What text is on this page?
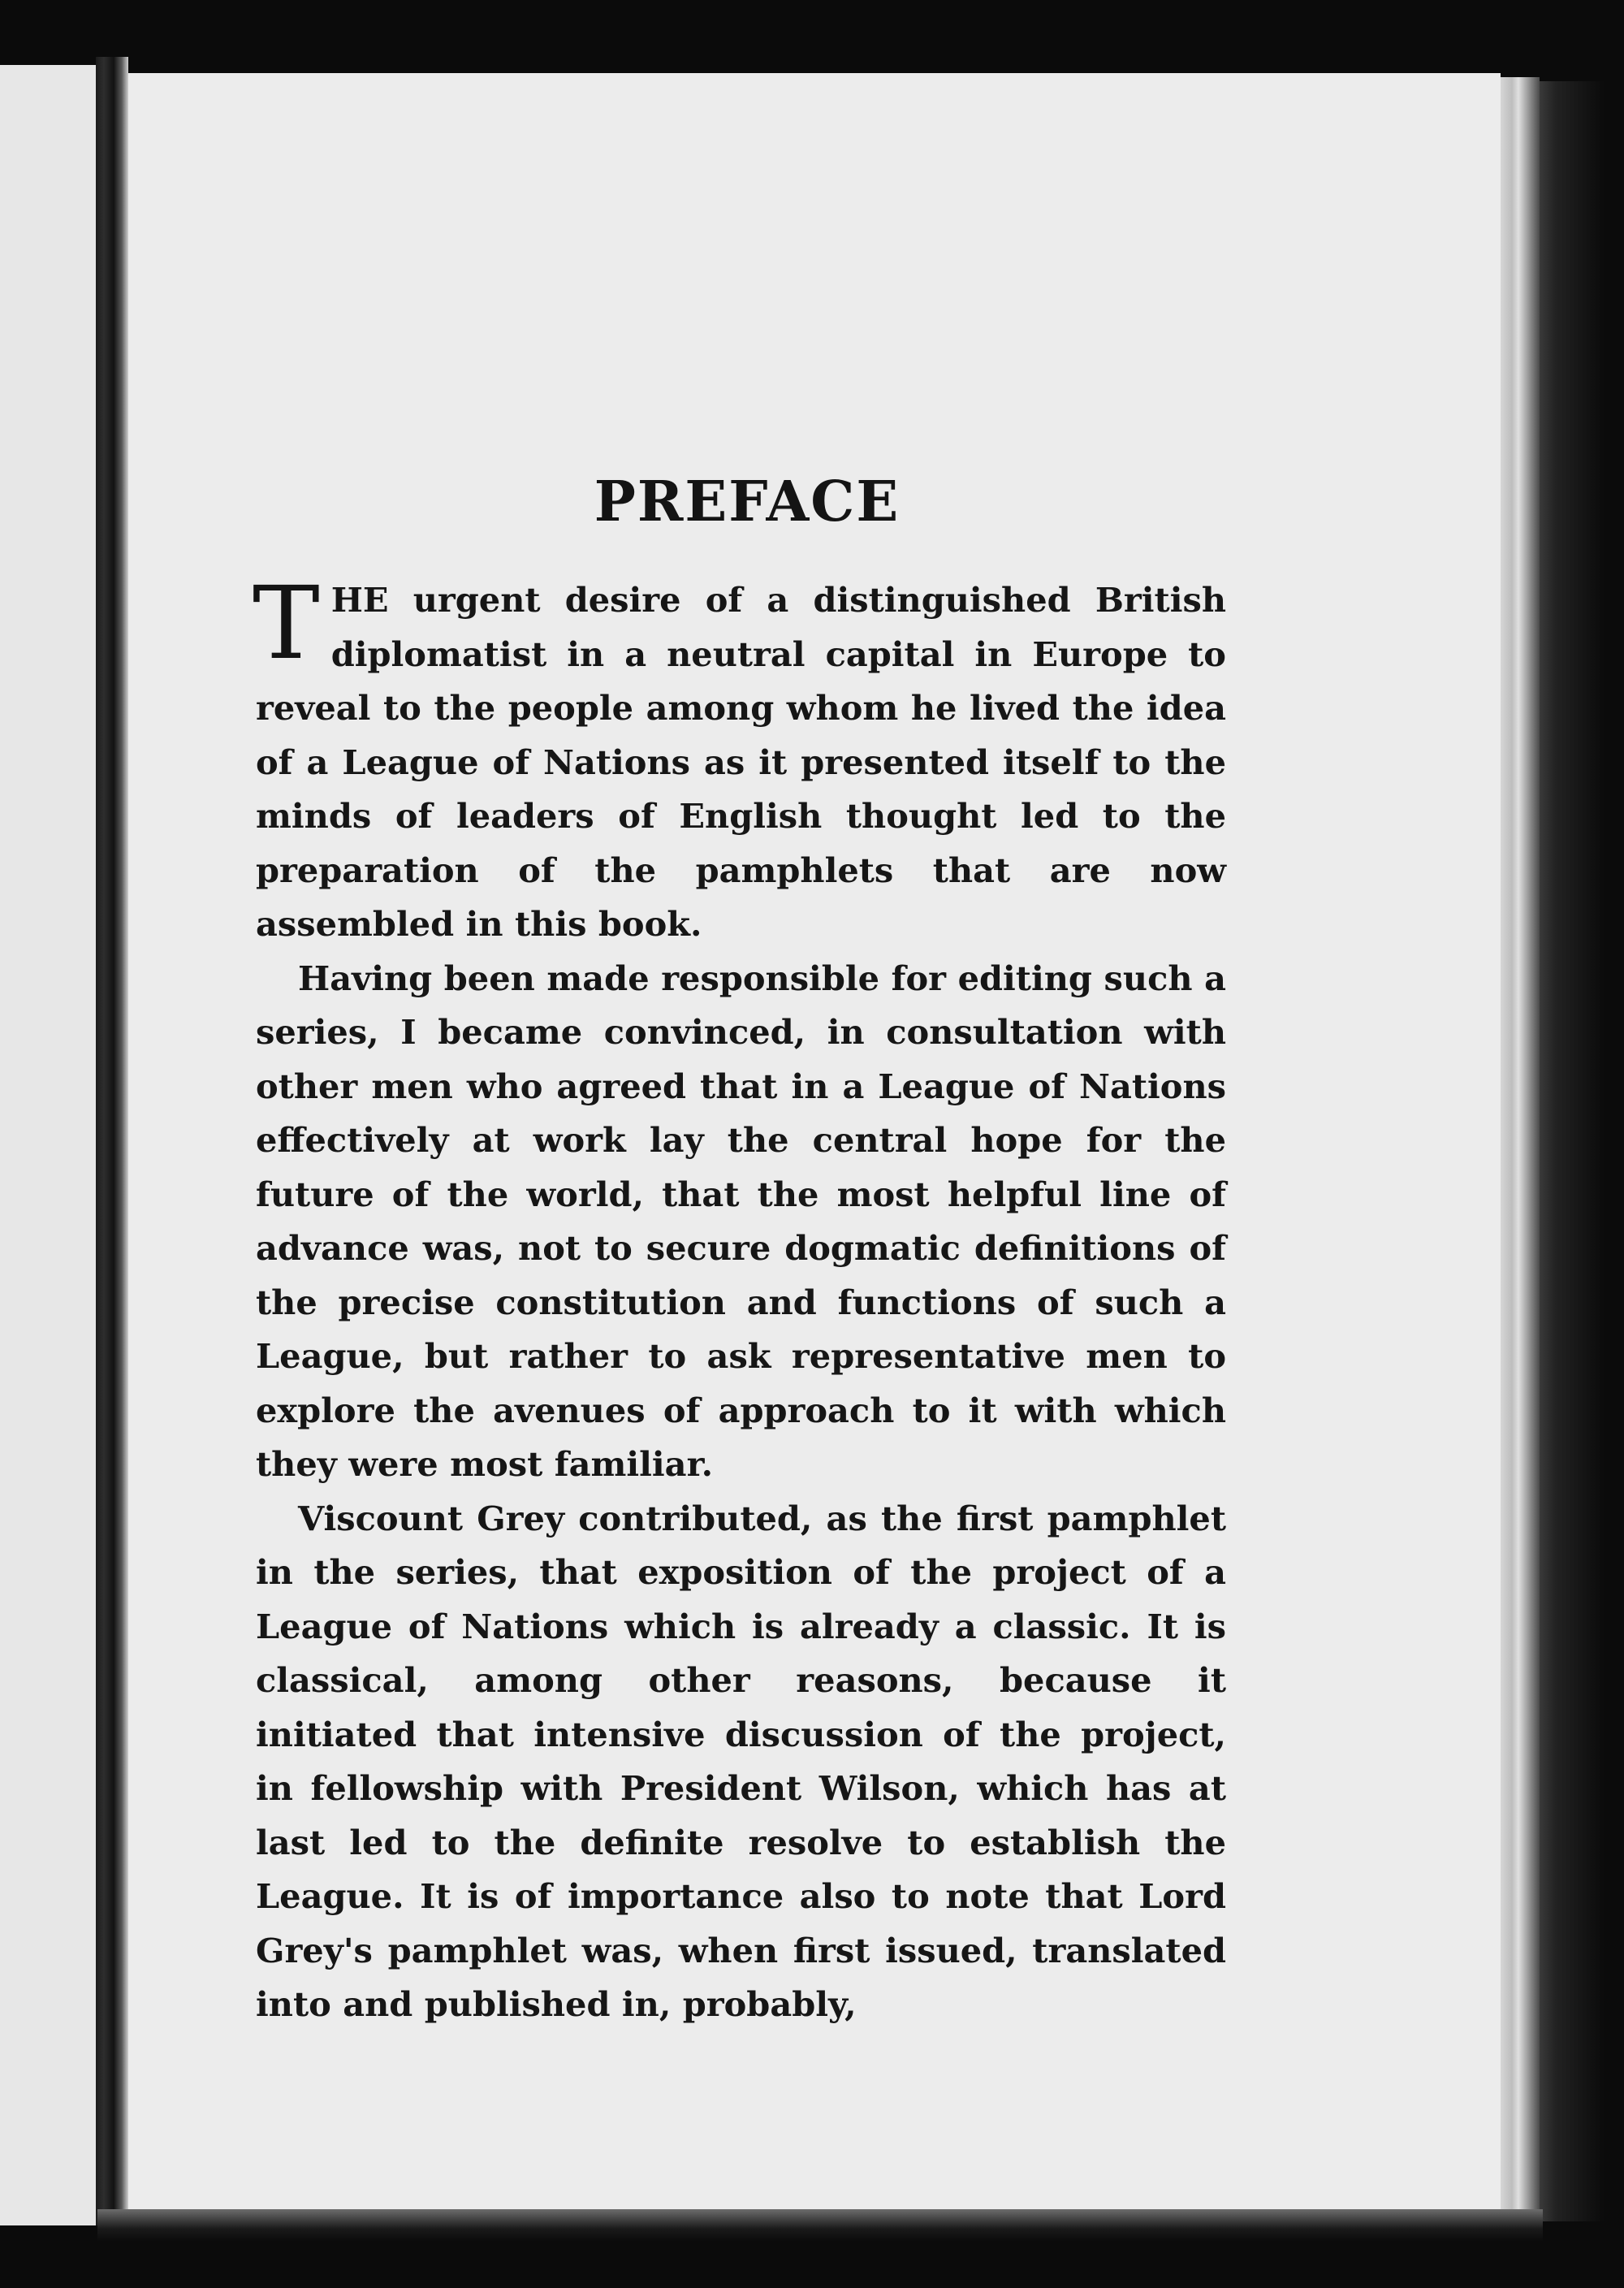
PREFACE

THE urgent desire of a distinguished British diplomatist in a neutral capital in Europe to reveal to the people among whom he lived the idea of a League of Nations as it presented itself to the minds of leaders of English thought led to the preparation of the pamphlets that are now assembled in this book.

Having been made responsible for editing such a series, I became convinced, in consultation with other men who agreed that in a League of Nations effectively at work lay the central hope for the future of the world, that the most helpful line of advance was, not to secure dogmatic definitions of the precise constitution and functions of such a League, but rather to ask representative men to explore the avenues of approach to it with which they were most familiar.

Viscount Grey contributed, as the first pamphlet in the series, that exposition of the project of a League of Nations which is already a classic. It is classical, among other reasons, because it initiated that intensive discussion of the project, in fellowship with President Wilson, which has at last led to the definite resolve to establish the League. It is of importance also to note that Lord Grey's pamphlet was, when first issued, translated into and published in, probably,
